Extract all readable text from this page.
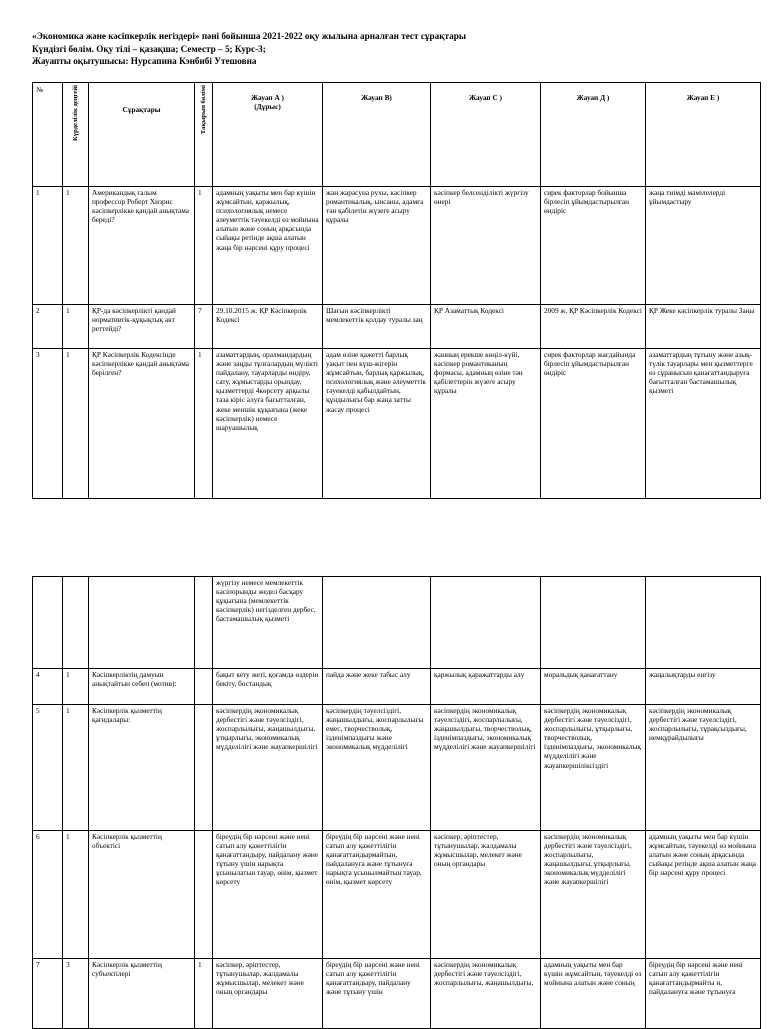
«Экономика және кәсіпкерлік негіздері» пәні бойынша 2021-2022 оқу жылына арналған тест сұрақтары
Күндізгі бөлім. Оқу тілі – қазақша; Семестр – 5; Курс-3;
Жауапты оқытушысы: Нурсапина Кэнбибі Утешовна
№	Күрделілік деңгейі	Сұрақтары	Тақырып бөлімі	Жауап А )
(Дұрыс)	Жауап В)	Жауап С )	Жауап Д )	Жауап Е )
1	1	Американдық ғалым профессор Роберт Хизрис кәсіпкерлікке қандай анықтама береді?	1	адамның уақыты мен бар күшін жұмсайтын, қаржылық, психологиялық немесе әлеуметтік тәуекелді өз мойнына алатын және соның арқасында сыйақы ретінде ақша алатын жаңа бір нәрсені құру процесі	жан жарасуна рухы, кәсіпкер романтикалық, ынсаны, адамға тән қабілетін жүзеге асыру құралы	кәсіпкер белсенділікті жүргізу өнері	сирек факторлар бойынша бірлесіп ұйымдастырылған өндіріс	жаңа тиімді мәмілелерді ұйымдастыру
2	1	ҚР-да кәсіпкерлікті қандай нормативтік-құқықтық акт реттейді?	7	29.10.2015 ж. ҚР Кәсіпкерлік Кодексі	Шағын кәсіпкерлікті мемлекеттік қолдау туралы заң	ҚР Азаматтық Кодексі	2009 ж. ҚР Кәсіпкерлік Кодексі	ҚР Жеке кәсіпкерлік туралы Заңы
3	1	ҚР Кәсіпкерлік Кодексінде кәсіпкерлікке қандай анықтама берілген?	1	азаматтардың, оралмандардың және заңды тұлғалардың мүлікті пайдалану, тауарларды өндіру, сату, жұмыстарды орындау, қызметтерді 4көрсету арқылы таза кіріс алуға бағытталған, жеке меншік құқығына (жеке кәсіпкерлік) немесе шаруашылық	адам өзіне қажетті барлық уақыт пен күш-жігерін жұмсайтын, барлық қаржылық, психологиялық және әлеуметтік тәуекелді қабылдайтын, құндылығы бар жаңа затты жасау процесі	жанның ерекше көңіл-күйі, кәсіпкер романтиканың формасы, адамның өзіне тән қабілеттерін жүзеге асыру құралы	сирек факторлар жағдайында бірлесіп ұйымдастырылған өндіріс	азаматтардың тұтыну және азық-түлік тауарлары мен қызметтерге өз сұранысын қанағаттандыруға бағытталған бастамашылық қызметі
				жүргізу немесе мемлекеттік кәсіпорынды жедел басқару құқығына (мемлекеттік кәсіпкерлік) негізделген дербес, бастамашылық қызметі				
4	1	Кәсіпкерліктің дамуын анықтайтын себеп (мотив):		бақыт кету жеті, қоғамда өздерін бекіту, бостандық	пайда және жеке табыс алу	қаржылық қаражаттарды алу	моральдық қанағаттану	жаңалықтарды енгізу
5	1	Кәсіпкерлік қызметтің қағидалары:		кәсіпкердің экономикалық дербестігі және тәуелсіздігі, жоспарлылығы, жаңашылдығы, ұтқырлығы, экономикалық мүдделілігі және жауапкершілігі	кәсіпкердің тәуелсіздігі, жаңашылдығы, жоспарлылығы емес, творчестволық, ізденімпаздығы және экономикалық мүдделілігі	кәсіпкердің экономикалық тәуелсіздігі, жоспарлылығы, жаңашылдығы, творчестволық, ізденімпаздығы, экономикалық мүдделілігі және жауапкершілігі	кәсіпкердің экономикалық дербестігі және тәуелсіздігі, жоспарлылығы, ұтқырлығы, творчестволық, ізденімпаздығы, экономикалық мүдделілігі және жауапкершіліксіздігі	кәсіпкердің экономикалық дербестігі және тәуелсіздігі, жоспарлылығы, тұрақсыздығы, немқұрайдылығы
6	1	Кәсіпкерлік қызметтің объектісі		біреудің бір нәрсені және нені сатып алу қажеттілігін қанағаттандыру, пайдалану және тұтыну үшін нарықта ұсынылатын тауар, өнім, қызмет көрсету	біреудің бір нәрсені және нені сатып алу қажеттілігін қанағаттандырмайтын, пайдалануға және тұтынуға нарықта ұсынылмайтын тауар, өнім, қызмет көрсету	кәсіпкер, әріптестер, тұтынушылар, жалдамалы жұмысшылар, мелекет және оның органдары	кәсіпкердің экономикалық дербестігі және тәуелсіздігі, жоспарлылығы, жаңашылдығы, ұтқырлығы, экономикалық мүдделілігі және жауапкершілігі	адамның уақыты мен бар күшін жұмсайтын, тәуекелді өз мойнына алатын және соның арқасында сыйақы ретінде ақша алатын жаңа бір нәрсені құру процесі
7	3	Кәсіпкерлік қызметтің субъектілері	1	кәсіпкер, әріптестер, тұтынушылар, жалдамалы жұмысшылар, мелекет және оның органдары	біреудің бір нәрсені және нені сатып алу қажеттілігін қанағаттандыру, пайдалану және тұтыну үшін	кәсіпкердің экономикалық дербестігі және тәуелсіздігі, жоспарлылығы, жаңашылдығы,	адамның уақыты мен бар күшін жұмсайтын, тәуекелді өз мойнына алатын және соның	біреудің бір нәрсені және нені сатып алу қажеттілігін қанағаттандырмайты н, пайдалануға және тұтынуға
